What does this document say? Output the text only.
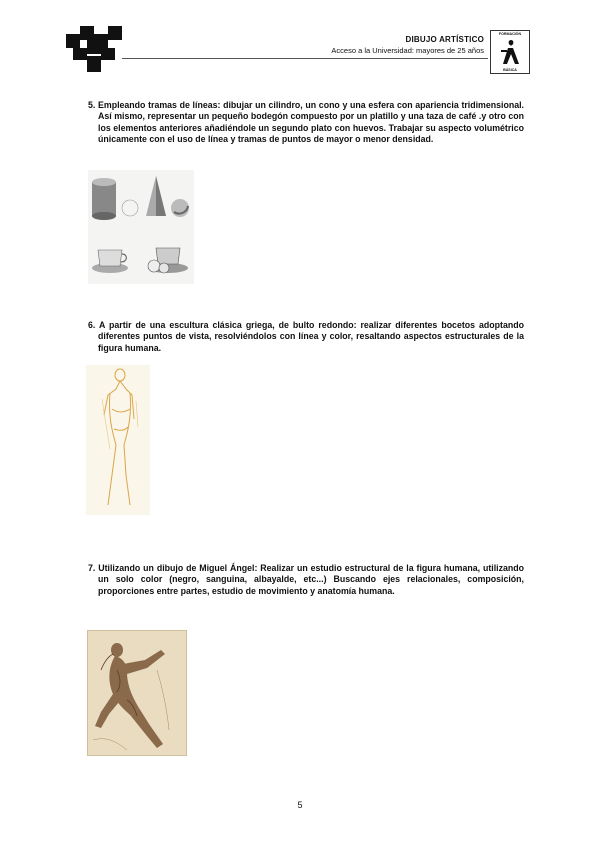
DIBUJO ARTÍSTICO
Acceso a la Universidad: mayores de 25 años
FORMACIÓN
BÁSICA
5. Empleando tramas de líneas: dibujar un cilindro, un cono y una esfera con apariencia tridimensional. Así mismo, representar un pequeño bodegón compuesto por un platillo y una taza de café .y otro con los elementos anteriores añadiéndole un segundo plato con huevos. Trabajar su aspecto volumétrico únicamente con el uso de línea y tramas de puntos de mayor o menor densidad.
6. A partir de una escultura clásica griega, de bulto redondo: realizar diferentes bocetos adoptando diferentes puntos de vista, resolviéndolos con línea y color, resaltando aspectos estructurales de la figura humana.
7. Utilizando un dibujo de Miguel Ángel: Realizar un estudio estructural de la figura humana, utilizando un solo color (negro, sanguina, albayalde, etc...) Buscando ejes relacionales, composición, proporciones entre partes, estudio de movimiento y anatomía humana.
5
